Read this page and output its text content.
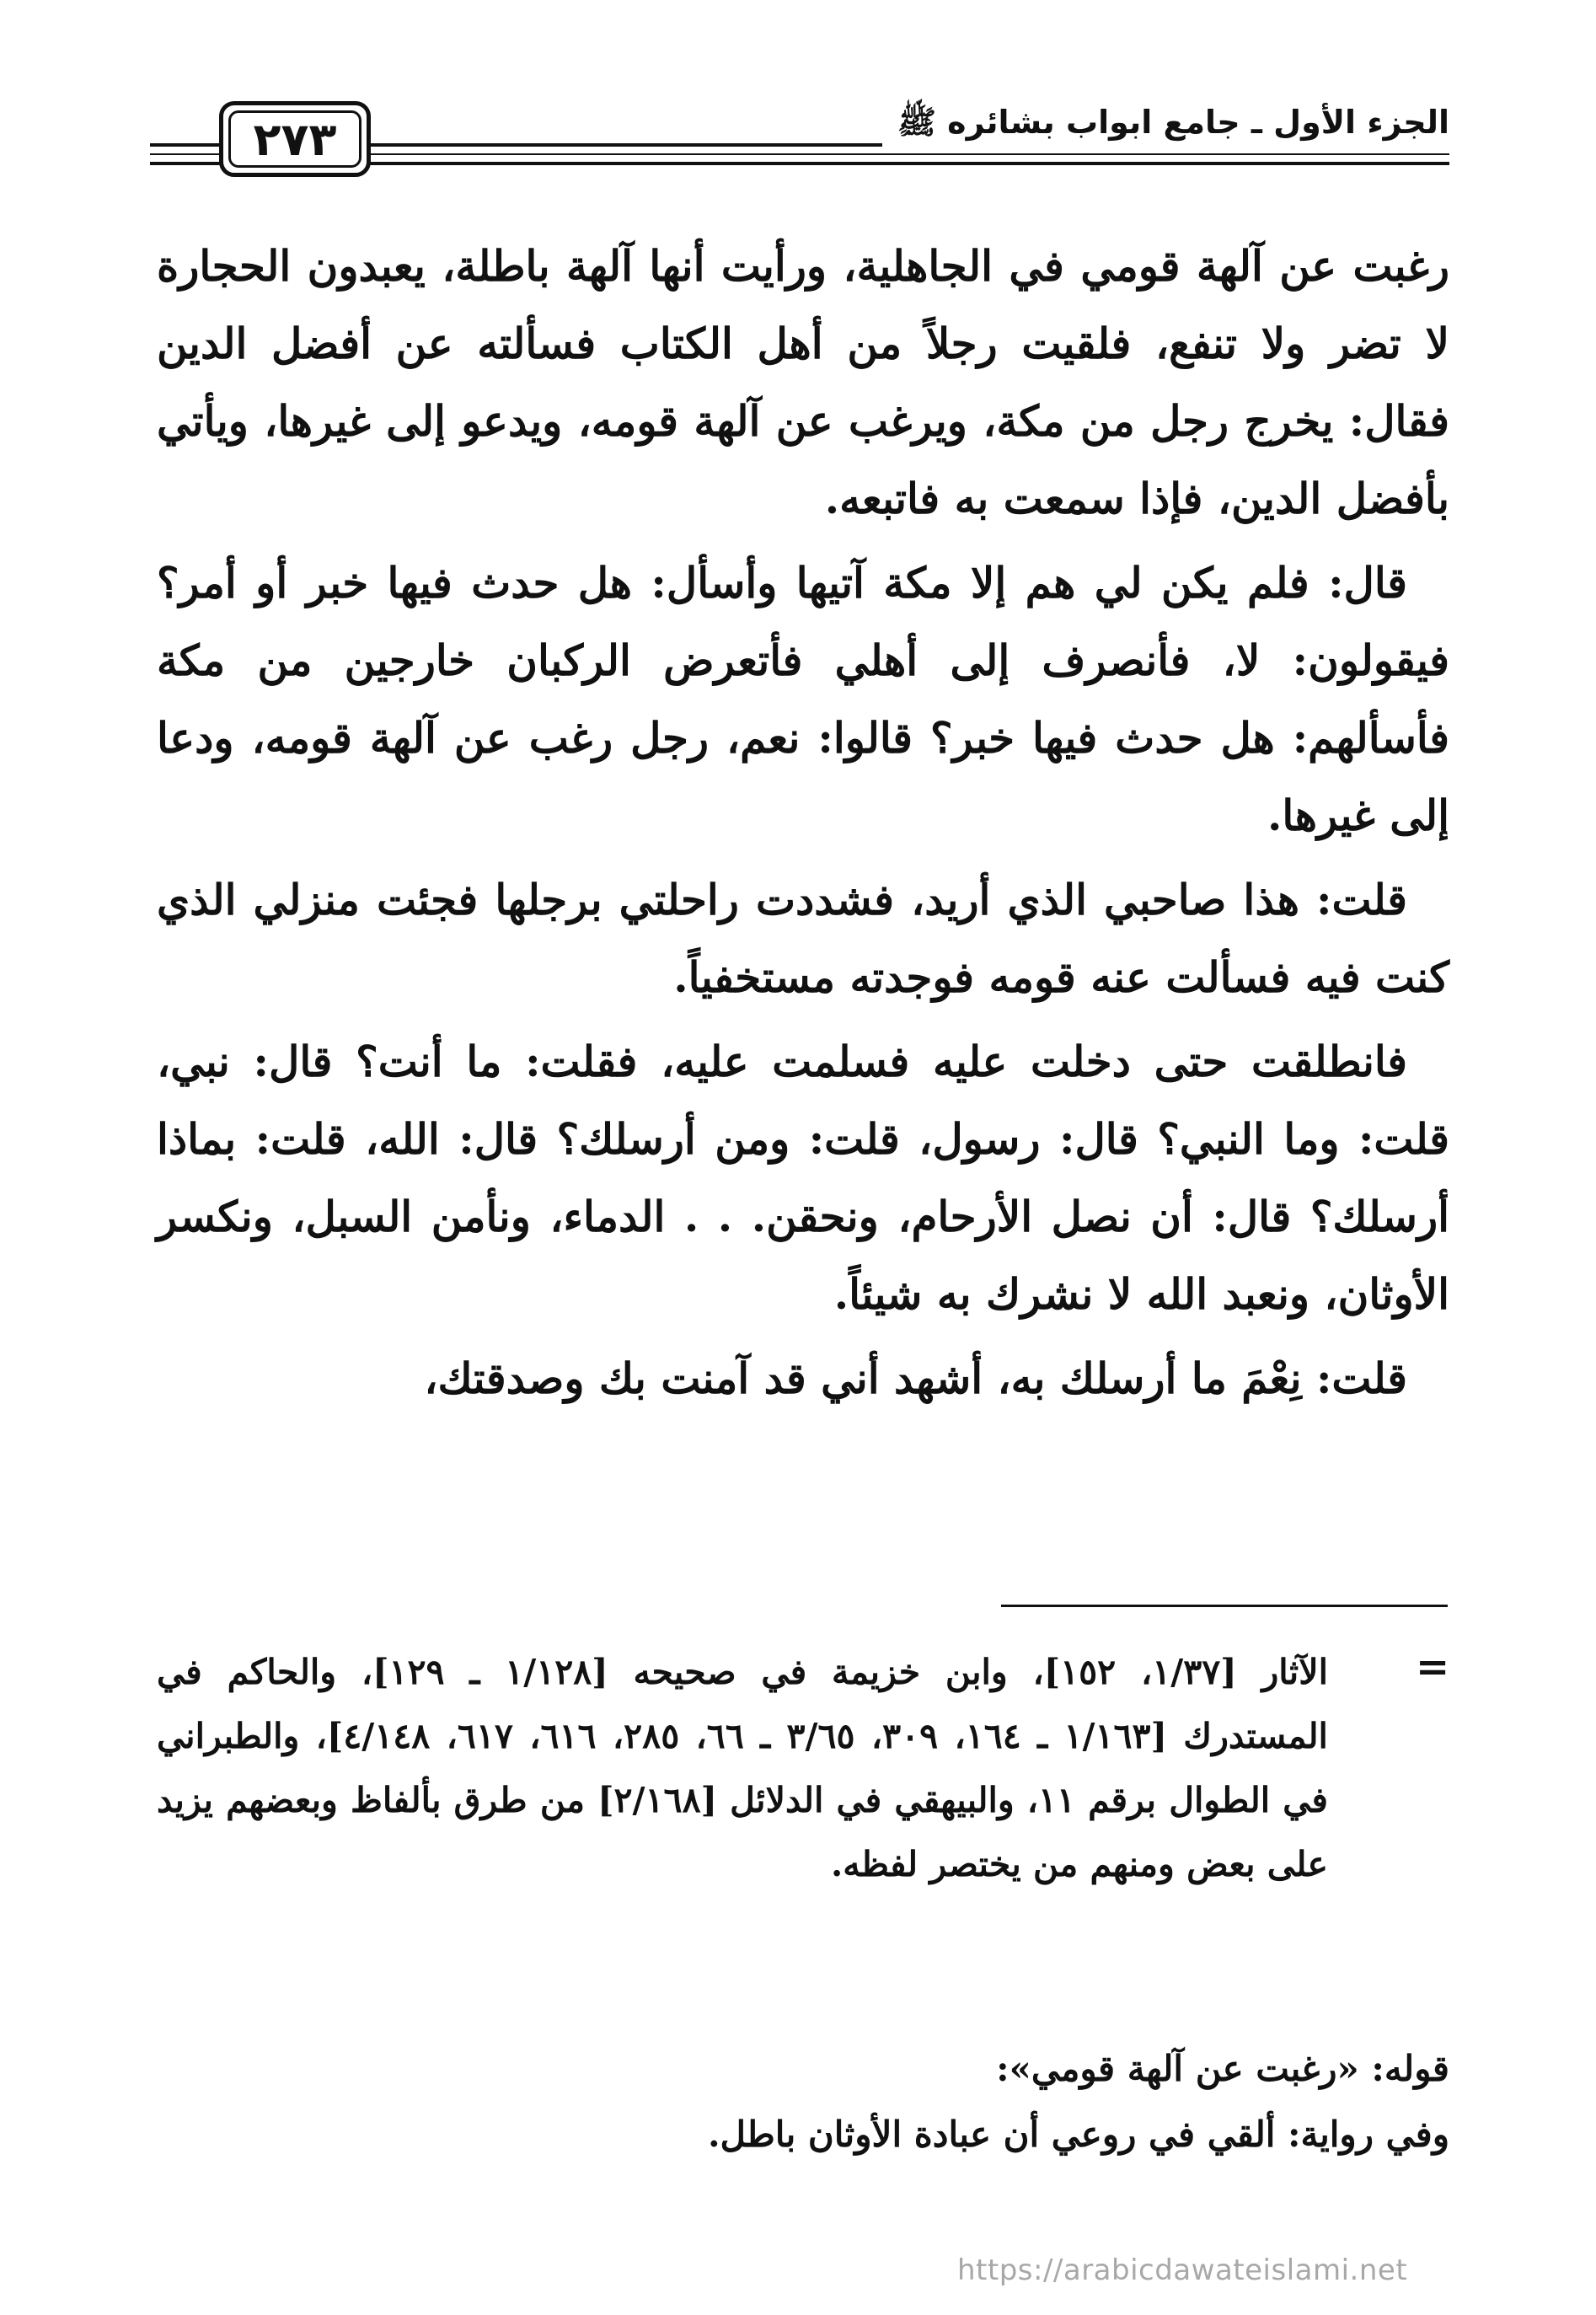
٢٧٣	الجزء الأول ـ جامع ابواب بشائره ﷺ

رغبت عن آلهة قومي في الجاهلية، ورأيت أنها آلهة باطلة، يعبدون الحجارة لا تضر ولا تنفع، فلقيت رجلاً من أهل الكتاب فسألته عن أفضل الدين فقال: يخرج رجل من مكة، ويرغب عن آلهة قومه، ويدعو إلى غيرها، ويأتي بأفضل الدين، فإذا سمعت به فاتبعه.

قال: فلم يكن لي هم إلا مكة آتيها وأسأل: هل حدث فيها خبر أو أمر؟ فيقولون: لا، فأنصرف إلى أهلي فأتعرض الركبان خارجين من مكة فأسألهم: هل حدث فيها خبر؟ قالوا: نعم، رجل رغب عن آلهة قومه، ودعا إلى غيرها.

قلت: هذا صاحبي الذي أريد، فشددت راحلتي برجلها فجئت منزلي الذي كنت فيه فسألت عنه قومه فوجدته مستخفياً.

فانطلقت حتى دخلت عليه فسلمت عليه، فقلت: ما أنت؟ قال: نبي، قلت: وما النبي؟ قال: رسول، قلت: ومن أرسلك؟ قال: الله، قلت: بماذا أرسلك؟ قال: أن نصل الأرحام، ونحقن. . . الدماء، ونأمن السبل، ونكسر الأوثان، ونعبد الله لا نشرك به شيئاً.

قلت: نِعْمَ ما أرسلك به، أشهد أني قد آمنت بك وصدقتك،

=
الآثار [١/٣٧، ١٥٢]، وابن خزيمة في صحيحه [١/١٢٨ ـ ١٢٩]، والحاكم في المستدرك [١/١٦٣ ـ ١٦٤، ٣٠٩، ٣/٦٥ ـ ٦٦، ٢٨٥، ٦١٦، ٦١٧، ٤/١٤٨]، والطبراني في الطوال برقم ١١، والبيهقي في الدلائل [٢/١٦٨] من طرق بألفاظ وبعضهم يزيد على بعض ومنهم من يختصر لفظه.
قوله: «رغبت عن آلهة قومي»:
وفي رواية: ألقي في روعي أن عبادة الأوثان باطل.
https://arabicdawateislami.net
